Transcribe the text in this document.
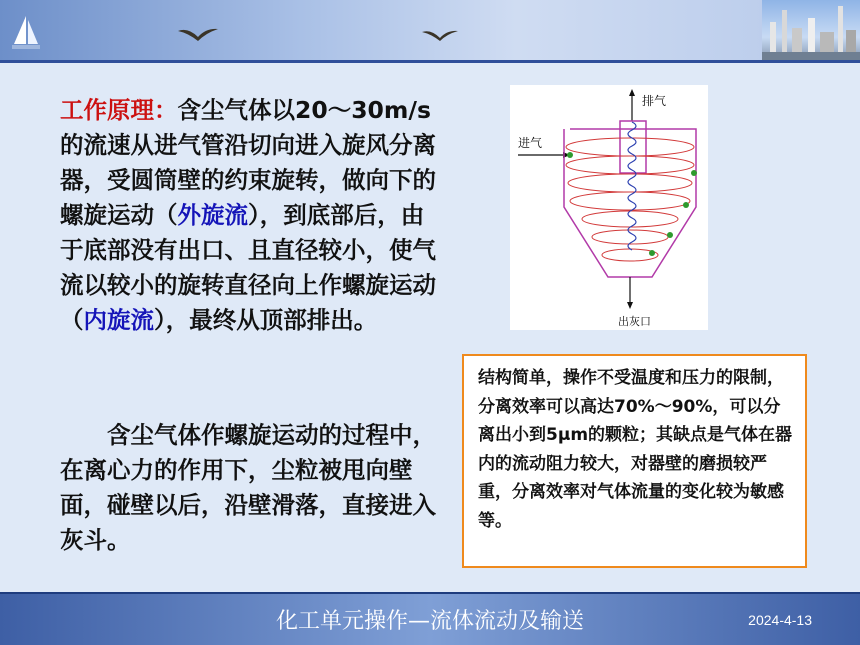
工作原理：含尘气体以20～30m/s的流速从进气管沿切向进入旋风分离器，受圆筒壁的约束旋转，做向下的螺旋运动（外旋流），到底部后，由于底部没有出口、且直径较小，使气流以较小的旋转直径向上作螺旋运动（内旋流），最终从顶部排出。
含尘气体作螺旋运动的过程中，在离心力的作用下，尘粒被甩向壁面，碰壁以后，沿壁滑落，直接进入灰斗。
排气
进气
出灰口
结构简单，操作不受温度和压力的限制，分离效率可以高达70%～90%，可以分离出小到5μm的颗粒；其缺点是气体在器内的流动阻力较大，对器壁的磨损较严重，分离效率对气体流量的变化较为敏感等。
化工单元操作—流体流动及输送	2024-4-13
